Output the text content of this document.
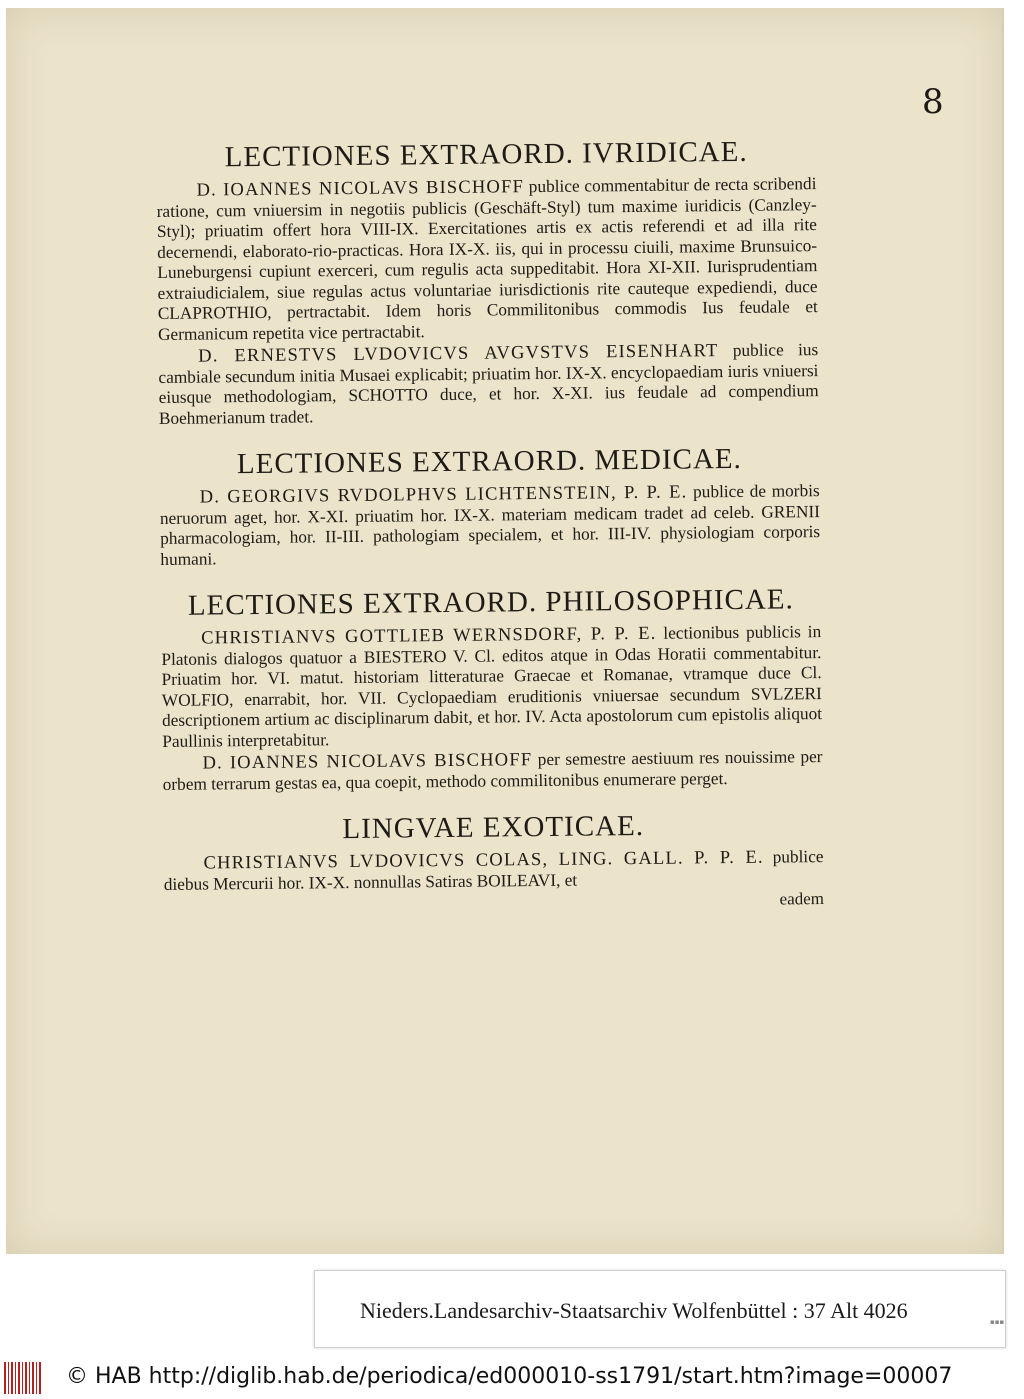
8
LECTIONES EXTRAORD. IVRIDICAE.

D. IOANNES NICOLAVS BISCHOFF publice commentabitur de recta scribendi ratione, cum vniuersim in negotiis publicis (Geschäft-Styl) tum maxime iuridicis (Canzley-Styl); priuatim offert hora VIII-IX. Exercitationes artis ex actis referendi et ad illa rite decernendi, elaborato-rio-practicas. Hora IX-X. iis, qui in processu ciuili, maxime Brunsuico-Luneburgensi cupiunt exerceri, cum regulis acta suppeditabit. Hora XI-XII. Iurisprudentiam extraiudicialem, siue regulas actus voluntariae iurisdictionis rite cauteque expediendi, duce CLAPROTHIO, pertractabit. Idem horis Commilitonibus commodis Ius feudale et Germanicum repetita vice pertractabit.

D. ERNESTVS LVDOVICVS AVGVSTVS EISENHART publice ius cambiale secundum initia Musaei explicabit; priuatim hor. IX-X. encyclopaediam iuris vniuersi eiusque methodologiam, SCHOTTO duce, et hor. X-XI. ius feudale ad compendium Boehmerianum tradet.

LECTIONES EXTRAORD. MEDICAE.

D. GEORGIVS RVDOLPHVS LICHTENSTEIN, P. P. E. publice de morbis neruorum aget, hor. X-XI. priuatim hor. IX-X. materiam medicam tradet ad celeb. GRENII pharmacologiam, hor. II-III. pathologiam specialem, et hor. III-IV. physiologiam corporis humani.

LECTIONES EXTRAORD. PHILOSOPHICAE.

CHRISTIANVS GOTTLIEB WERNSDORF, P. P. E. lectionibus publicis in Platonis dialogos quatuor a BIESTERO V. Cl. editos atque in Odas Horatii commentabitur. Priuatim hor. VI. matut. historiam litteraturae Graecae et Romanae, vtramque duce Cl. WOLFIO, enarrabit, hor. VII. Cyclopaediam eruditionis vniuersae secundum SVLZERI descriptionem artium ac disciplinarum dabit, et hor. IV. Acta apostolorum cum epistolis aliquot Paullinis interpretabitur.

D. IOANNES NICOLAVS BISCHOFF per semestre aestiuum res nouissime per orbem terrarum gestas ea, qua coepit, methodo commilitonibus enumerare perget.

LINGVAE EXOTICAE.

CHRISTIANVS LVDOVICVS COLAS, LING. GALL. P. P. E. publice diebus Mercurii hor. IX-X. nonnullas Satiras BOILEAVI, et

eadem
Nieders.Landesarchiv-Staatsarchiv Wolfenbüttel : 37 Alt 4026	▪▪▪
© HAB http://diglib.hab.de/periodica/ed000010-ss1791/start.htm?image=00007
